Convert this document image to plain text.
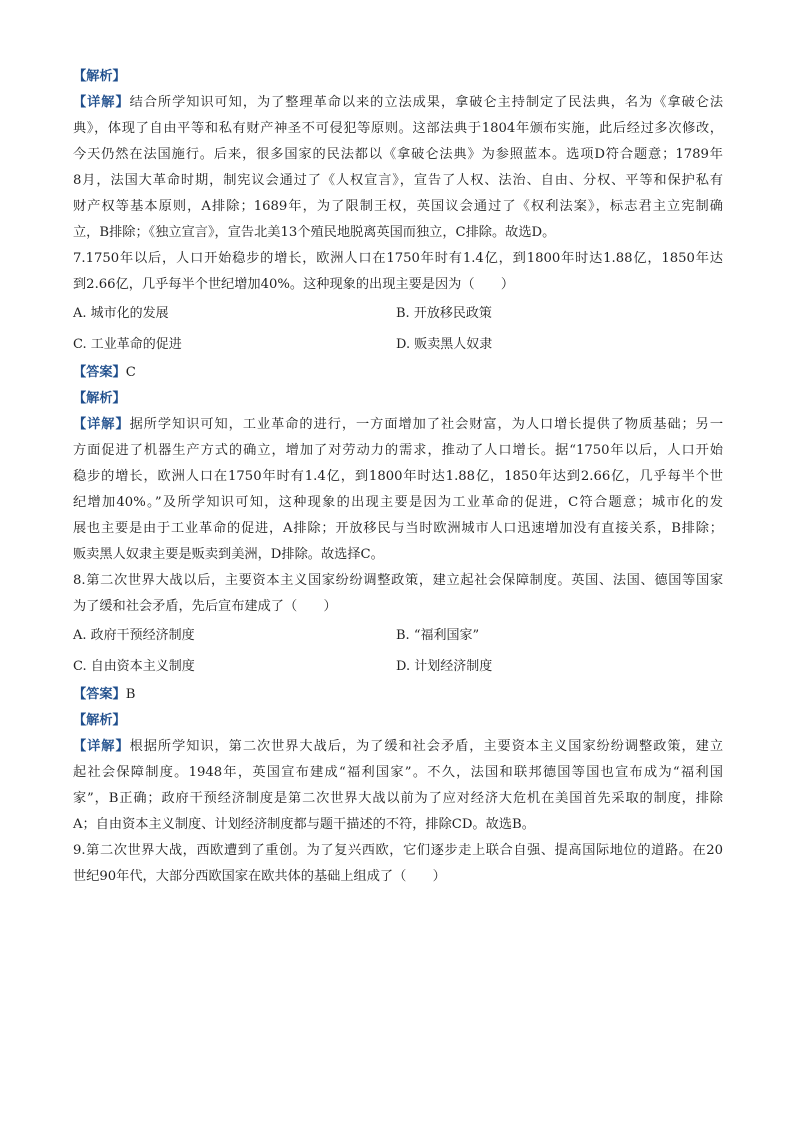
【解析】
【详解】结合所学知识可知，为了整理革命以来的立法成果，拿破仑主持制定了民法典，名为《拿破仑法
典》，体现了自由平等和私有财产神圣不可侵犯等原则。这部法典于1804年颁布实施，此后经过多次修改，
今天仍然在法国施行。后来，很多国家的民法都以《拿破仑法典》为参照蓝本。选项D符合题意；1789年
8月，法国大革命时期，制宪议会通过了《人权宣言》，宣告了人权、法治、自由、分权、平等和保护私有
财产权等基本原则，A排除；1689年，为了限制王权，英国议会通过了《权利法案》，标志君主立宪制确
立，B排除；《独立宣言》，宣告北美13个殖民地脱离英国而独立，C排除。故选D。
7.1750年以后，人口开始稳步的增长，欧洲人口在1750年时有1.4亿，到1800年时达1.88亿，1850年达
到2.66亿，几乎每半个世纪增加40%。这种现象的出现主要是因为（　　）
A. 城市化的发展	B. 开放移民政策
C. 工业革命的促进	D. 贩卖黑人奴隶
【答案】C
【解析】
【详解】据所学知识可知，工业革命的进行，一方面增加了社会财富，为人口增长提供了物质基础；另一
方面促进了机器生产方式的确立，增加了对劳动力的需求，推动了人口增长。据“1750年以后，人口开始
稳步的增长，欧洲人口在1750年时有1.4亿，到1800年时达1.88亿，1850年达到2.66亿，几乎每半个世
纪增加40%。”及所学知识可知，这种现象的出现主要是因为工业革命的促进，C符合题意；城市化的发
展也主要是由于工业革命的促进，A排除；开放移民与当时欧洲城市人口迅速增加没有直接关系，B排除；
贩卖黑人奴隶主要是贩卖到美洲，D排除。故选择C。
8.第二次世界大战以后，主要资本主义国家纷纷调整政策，建立起社会保障制度。英国、法国、德国等国家
为了缓和社会矛盾，先后宣布建成了（　　）
A. 政府干预经济制度	B. “福利国家”
C. 自由资本主义制度	D. 计划经济制度
【答案】B
【解析】
【详解】根据所学知识，第二次世界大战后，为了缓和社会矛盾，主要资本主义国家纷纷调整政策，建立
起社会保障制度。1948年，英国宣布建成“福利国家”。不久，法国和联邦德国等国也宣布成为“福利国
家”，B正确；政府干预经济制度是第二次世界大战以前为了应对经济大危机在美国首先采取的制度，排除
A；自由资本主义制度、计划经济制度都与题干描述的不符，排除CD。故选B。
9.第二次世界大战，西欧遭到了重创。为了复兴西欧，它们逐步走上联合自强、提高国际地位的道路。在20
世纪90年代，大部分西欧国家在欧共体的基础上组成了（　　）
